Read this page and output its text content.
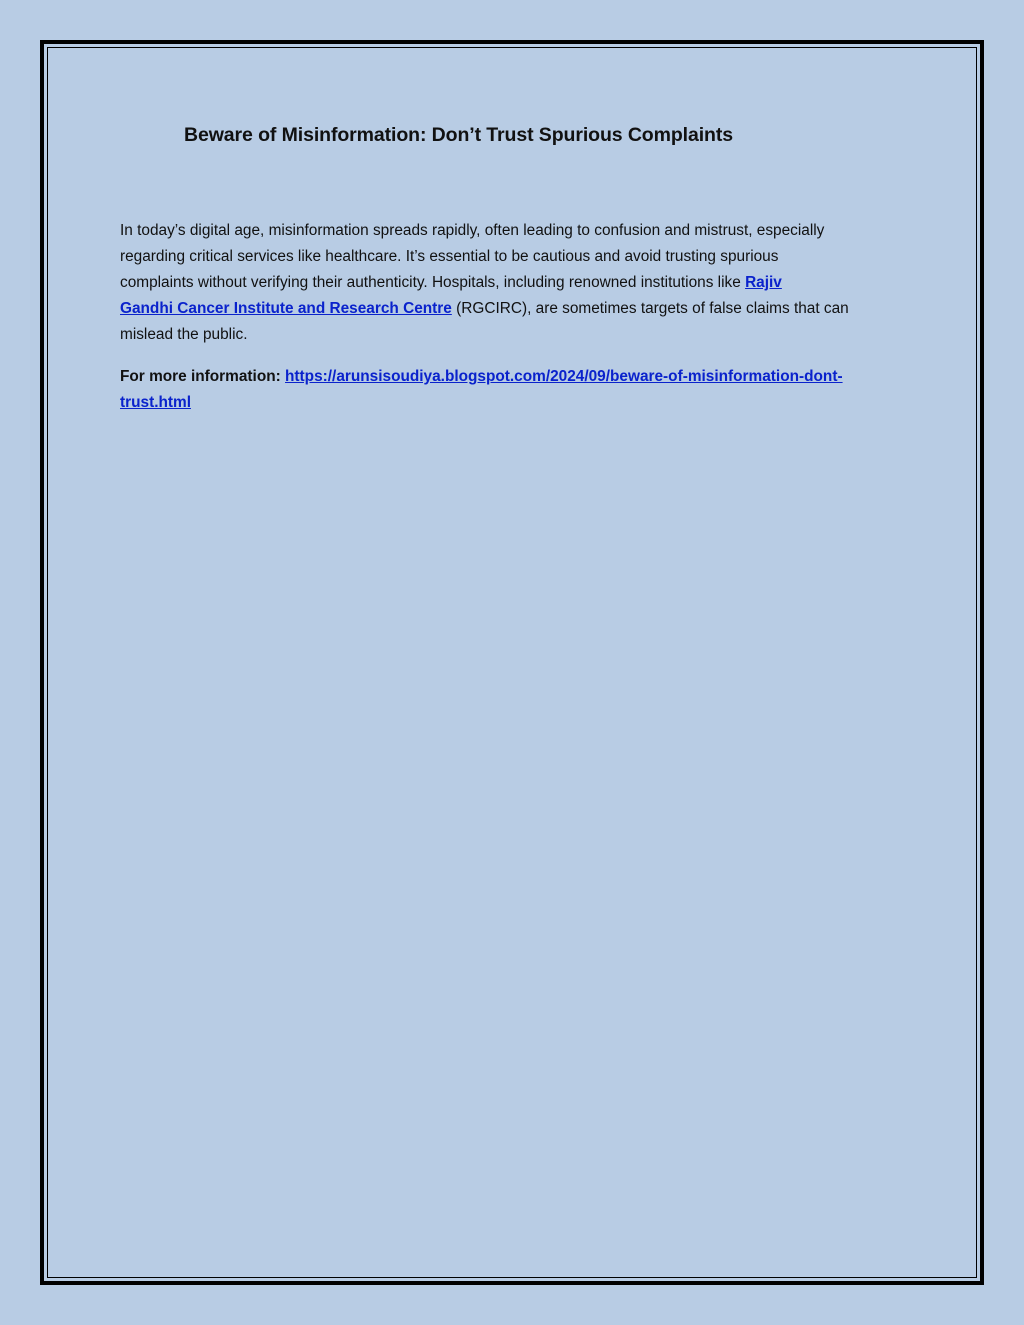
Beware of Misinformation: Don’t Trust Spurious Complaints

In today’s digital age, misinformation spreads rapidly, often leading to confusion and mistrust, especially
regarding critical services like healthcare. It’s essential to be cautious and avoid trusting spurious
complaints without verifying their authenticity. Hospitals, including renowned institutions like Rajiv
Gandhi Cancer Institute and Research Centre (RGCIRC), are sometimes targets of false claims that can
mislead the public.

For more information: https://arunsisoudiya.blogspot.com/2024/09/beware-of-misinformation-dont-
trust.html
